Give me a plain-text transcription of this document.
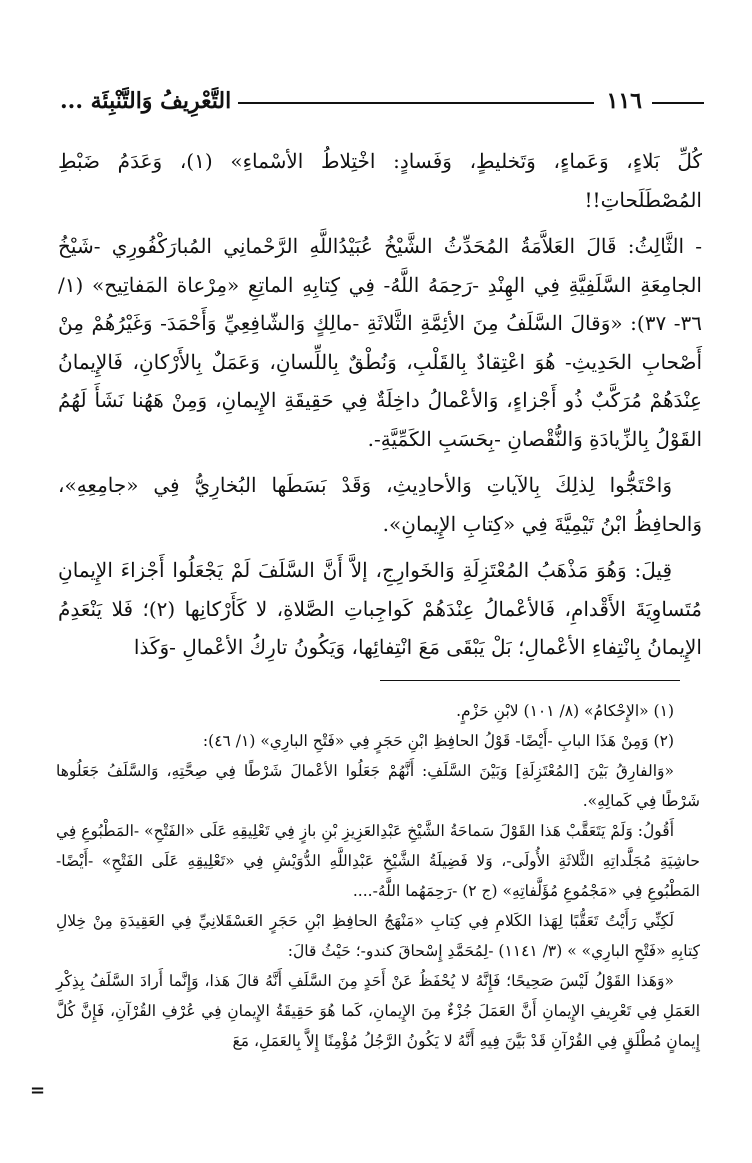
١١٦
التَّعْرِيفُ وَالتَّنْبِئَة ...

كُلِّ بَلاءٍ، وَعَماءٍ، وَتَخليطٍ، وَفَسادٍ: اخْتِلاطُ الأسْماءِ» (١)، وَعَدَمُ ضَبْطِ المُصْطَلَحاتِ!!

- الثَّالِثُ: قَالَ العَلاَّمَةُ المُحَدِّثُ الشَّيْخُ عُبَيْدُاللَّهِ الرَّحْمانِي المُبارَكْفُورِي -شَيْخُ الجامِعَةِ السَّلَفِيَّةِ فِي الهِنْدِ -رَحِمَهُ اللَّهُ- فِي كِتابِهِ الماتِعِ «مِرْعاة المَفاتِيح» (١/ ٣٦- ٣٧): «وَقالَ السَّلَفُ مِنَ الأئِمَّةِ الثَّلاثَةِ -مالِكٍ وَالشّافِعِيِّ وَأَحْمَدَ- وَغَيْرُهُمْ مِنْ أَصْحابِ الحَدِيثِ- هُوَ اعْتِقادٌ بِالقَلْبِ، وَنُطْقٌ بِاللِّسانِ، وَعَمَلٌ بِالأَرْكانِ، فَالإِيمانُ عِنْدَهُمْ مُرَكَّبٌ ذُو أَجْزاءٍ، وَالأعْمالُ داخِلَةٌ فِي حَقِيقَةِ الإِيمانِ، وَمِنْ هَهُنا نَشَأَ لَهُمُ القَوْلُ بِالزِّيادَةِ وَالنُّقْصانِ -بِحَسَبِ الكَمِّيَّةِ-.

وَاحْتَجُّوا لِذلِكَ بِالآياتِ وَالأحادِيثِ، وَقَدْ بَسَطَها البُخارِيُّ فِي «جامِعِهِ»، وَالحافِظُ ابْنُ تَيْمِيَّةَ فِي «كِتابِ الإِيمانِ».

قِيلَ: وَهُوَ مَذْهَبُ المُعْتَزِلَةِ وَالخَوارِجِ، إلاَّ أَنَّ السَّلَفَ لَمْ يَجْعَلُوا أَجْزاءَ الإِيمانِ مُتَساوِيَةَ الأَقْدامِ، فَالأعْمالُ عِنْدَهُمْ كَواجِباتِ الصَّلاةِ، لا كَأَرْكانِها (٢)؛ فَلا يَنْعَدِمُ الإِيمانُ بِانْتِفاءِ الأعْمالِ؛ بَلْ يَبْقَى مَعَ انْتِفائِها، وَيَكُونُ تارِكُ الأعْمالِ -وَكَذا

(١) «الإِحْكامُ» (٨/ ١٠١) لابْنِ حَزْمٍ.

(٢) وَمِنْ هَذَا البابِ -أَيْضًا- قَوْلُ الحافِظِ ابْنِ حَجَرٍ فِي «فَتْحِ البارِي» (١/ ٤٦):

«وَالفارِقُ بَيْنَ [المُعْتَزِلَةِ] وَبَيْنَ السَّلَفِ: أَنَّهُمْ جَعَلُوا الأعْمالَ شَرْطًا فِي صِحَّتِهِ، وَالسَّلَفُ جَعَلُوها شَرْطًا فِي كَمالِهِ».

أَقُولُ: وَلَمْ يَتَعَقَّبْ هَذا القَوْلَ سَماحَةُ الشَّيْخِ عَبْدِالعَزِيزِ بْنِ بازٍ فِي تَعْلِيقِهِ عَلَى «الفَتْحِ» -المَطْبُوعِ فِي حاشِيَةِ مُجَلَّداتِهِ الثَّلاثَةِ الأُولَى-، وَلا فَضِيلَةُ الشَّيْخِ عَبْدِاللَّهِ الدُّوَيْشِ فِي «تَعْلِيقِهِ عَلَى الفَتْحِ» -أَيْضًا- المَطْبُوعِ فِي «مَجْمُوعِ مُؤَلَّفاتِهِ» (ج ٢) -رَحِمَهُما اللَّهُ-....

لَكِنِّي رَأَيْتُ تَعَقُّبًا لِهَذا الكَلامِ فِي كِتابِ «مَنْهَجُ الحافِظِ ابْنِ حَجَرٍ العَسْقَلانِيِّ فِي العَقِيدَةِ مِنْ خِلالِ كِتابِهِ «فَتْحِ البارِي» » (٣/ ١١٤١) -لِمُحَمَّدِ إِسْحاقَ كندو-؛ حَيْثُ قالَ:

«وَهَذا القَوْلُ لَيْسَ صَحِيحًا؛ فَإِنَّهُ لا يُحْفَظُ عَنْ أَحَدٍ مِنَ السَّلَفِ أَنَّهُ قالَ هَذا، وَإِنَّما أَرادَ السَّلَفُ بِذِكْرِ العَمَلِ فِي تَعْرِيفِ الإِيمانِ أَنَّ العَمَلَ جُزْءٌ مِنَ الإِيمانِ، كَما هُوَ حَقِيقَةُ الإِيمانِ فِي عُرْفِ القُرْآنِ، فَإِنَّ كُلَّ إِيمانٍ مُطْلَقٍ فِي القُرْآنِ قَدْ بَيَّنَ فِيهِ أَنَّهُ لا يَكُونُ الرَّجُلُ مُؤْمِنًا إِلاَّ بِالعَمَلِ، مَعَ

=
